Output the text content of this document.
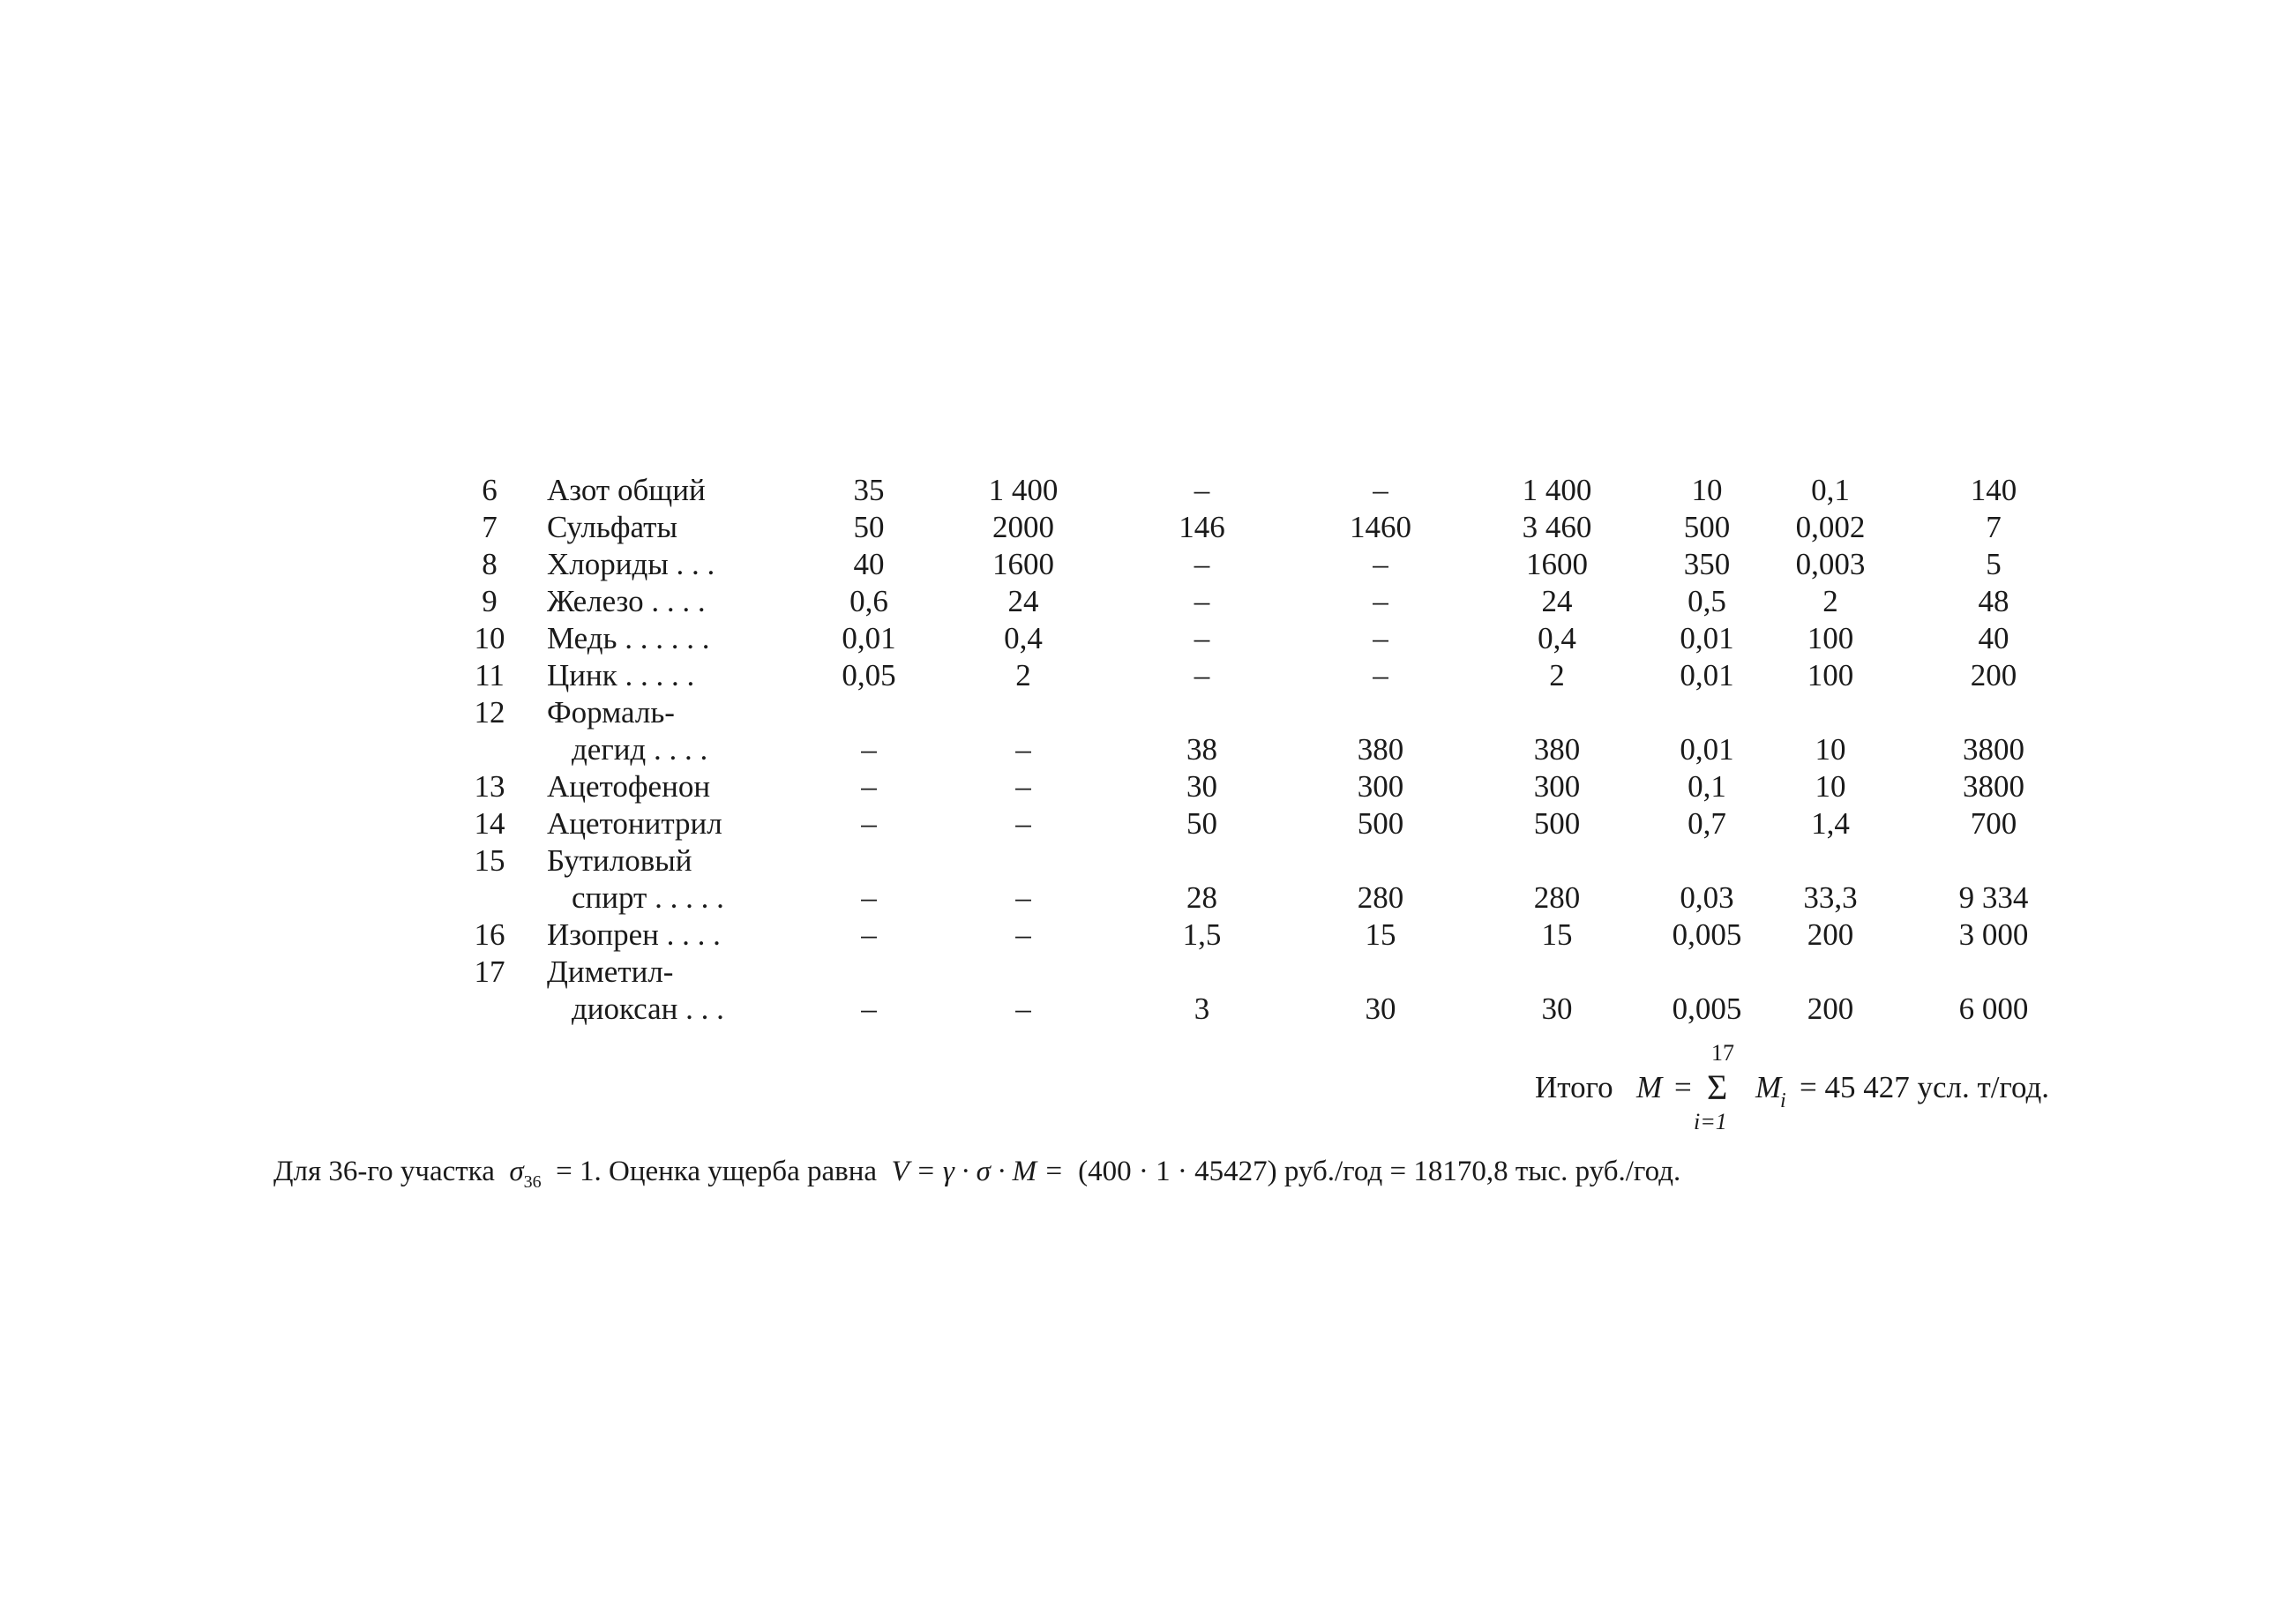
6	Азот общий	35	1 400	–	–	1 400	10	0,1	140
7	Сульфаты	50	2000	146	1460	3 460	500	0,002	7
8	Хлориды . . .	40	1600	–	–	1600	350	0,003	5
9	Железо . . . .	0,6	24	–	–	24	0,5	2	48
10	Медь . . . . . .	0,01	0,4	–	–	0,4	0,01	100	40
11	Цинк . . . . .	0,05	2	–	–	2	0,01	100	200
12	Формаль-								
	дегид . . . .	–	–	38	380	380	0,01	10	3800
13	Ацетофенон	–	–	30	300	300	0,1	10	3800
14	Ацетонитрил	–	–	50	500	500	0,7	1,4	700
15	Бутиловый								
	спирт . . . . .	–	–	28	280	280	0,03	33,3	9 334
16	Изопрен . . . .	–	–	1,5	15	15	0,005	200	3 000
17	Диметил-								
	диоксан . . .	–	–	3	30	30	0,005	200	6 000
Итого M =
17
Σ
i=1
M
i = 45 427 усл. т/год.
Для 36-го участка $\sigma_{36} = 1$. Оценка ущерба равна V = γ · σ · M = (400 · 1 · 45427) руб./год = 18170,8 тыс. руб./год.
